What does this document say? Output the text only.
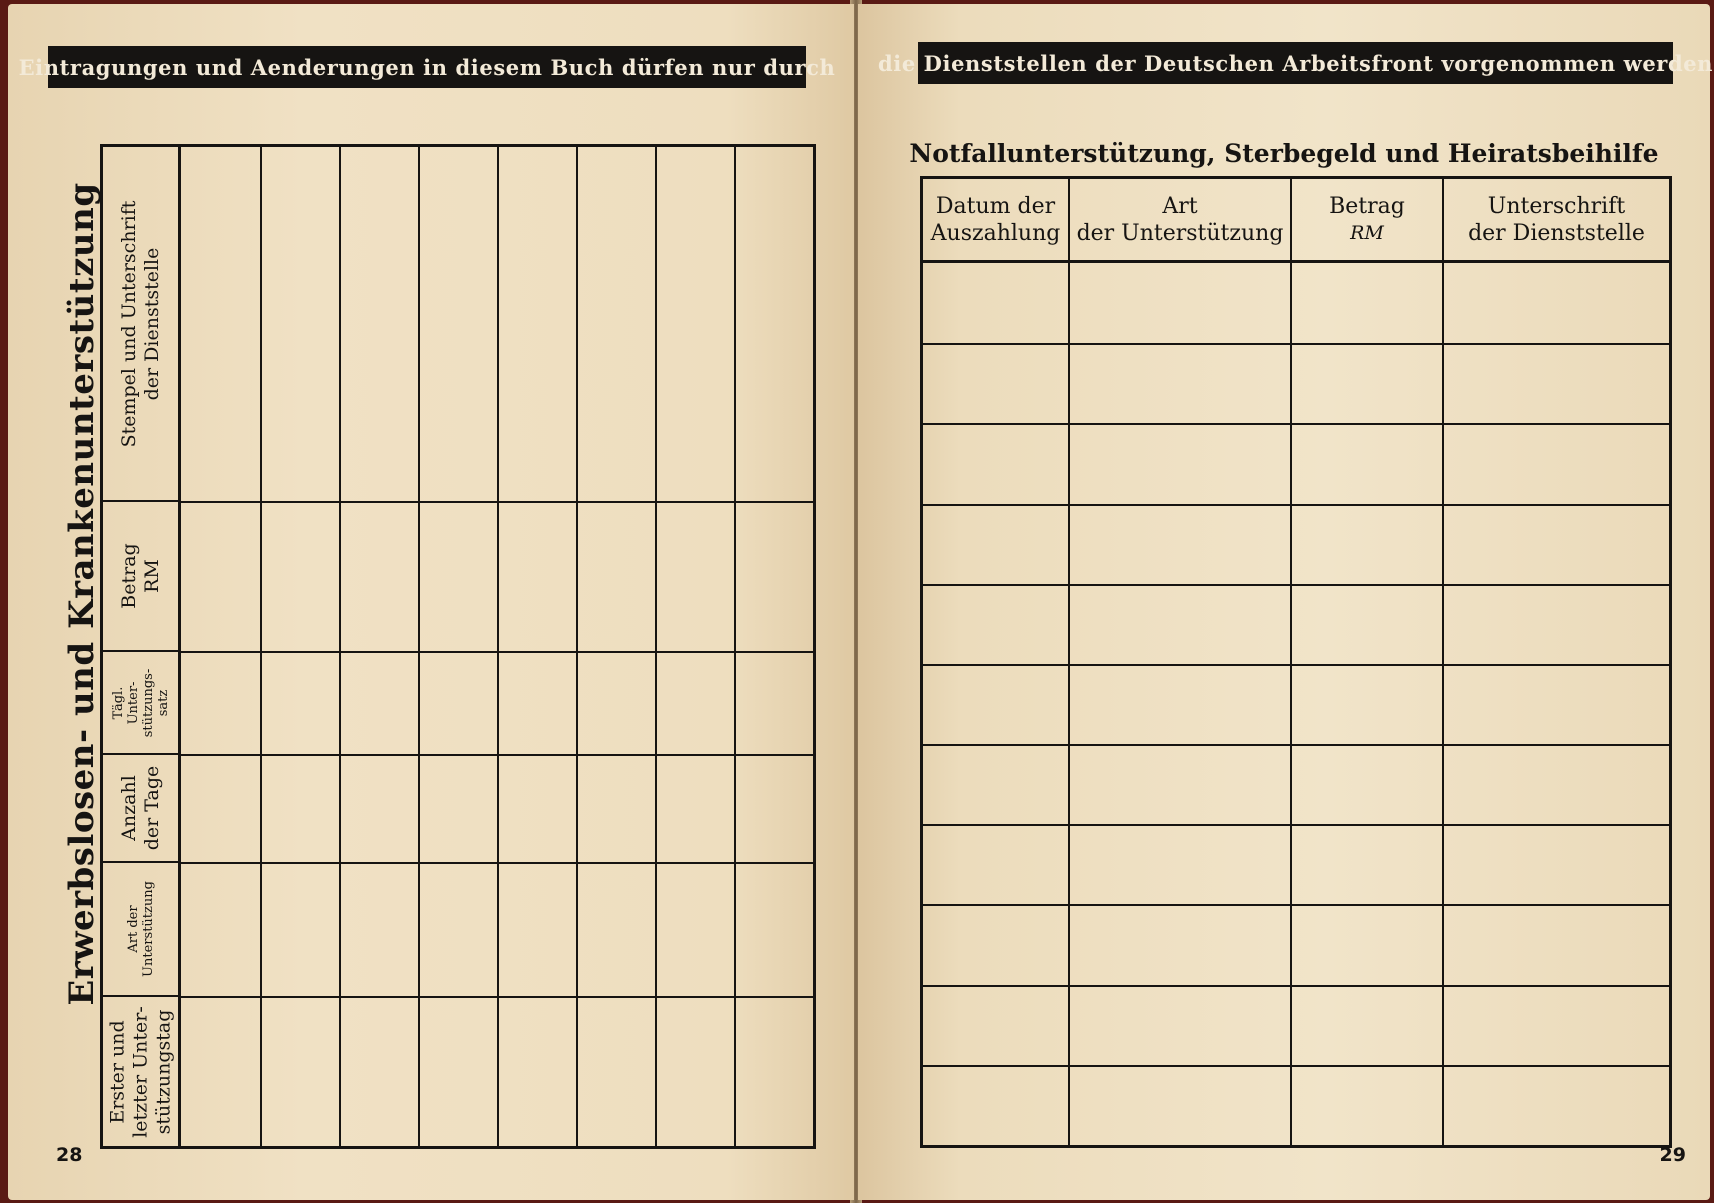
Eintragungen und Aenderungen in diesem Buch dürfen nur durch
Erwerbslosen- und Krankenunterstützung Stempel und Unterschrift
der Dienststelle
Betrag
RM
Tägl.
Unter-
stützungs-
satz
Anzahl
der Tage
Art der
Unterstützung
Erster und
letzter Unter-
stützungstag
28
die Dienststellen der Deutschen Arbeitsfront vorgenommen werden
Notfallunterstützung, Sterbegeld und Heiratsbeihilfe
Datum der
Auszahlung
Art
der Unterstützung
Betrag
RM
Unterschrift
der Dienststelle
29
